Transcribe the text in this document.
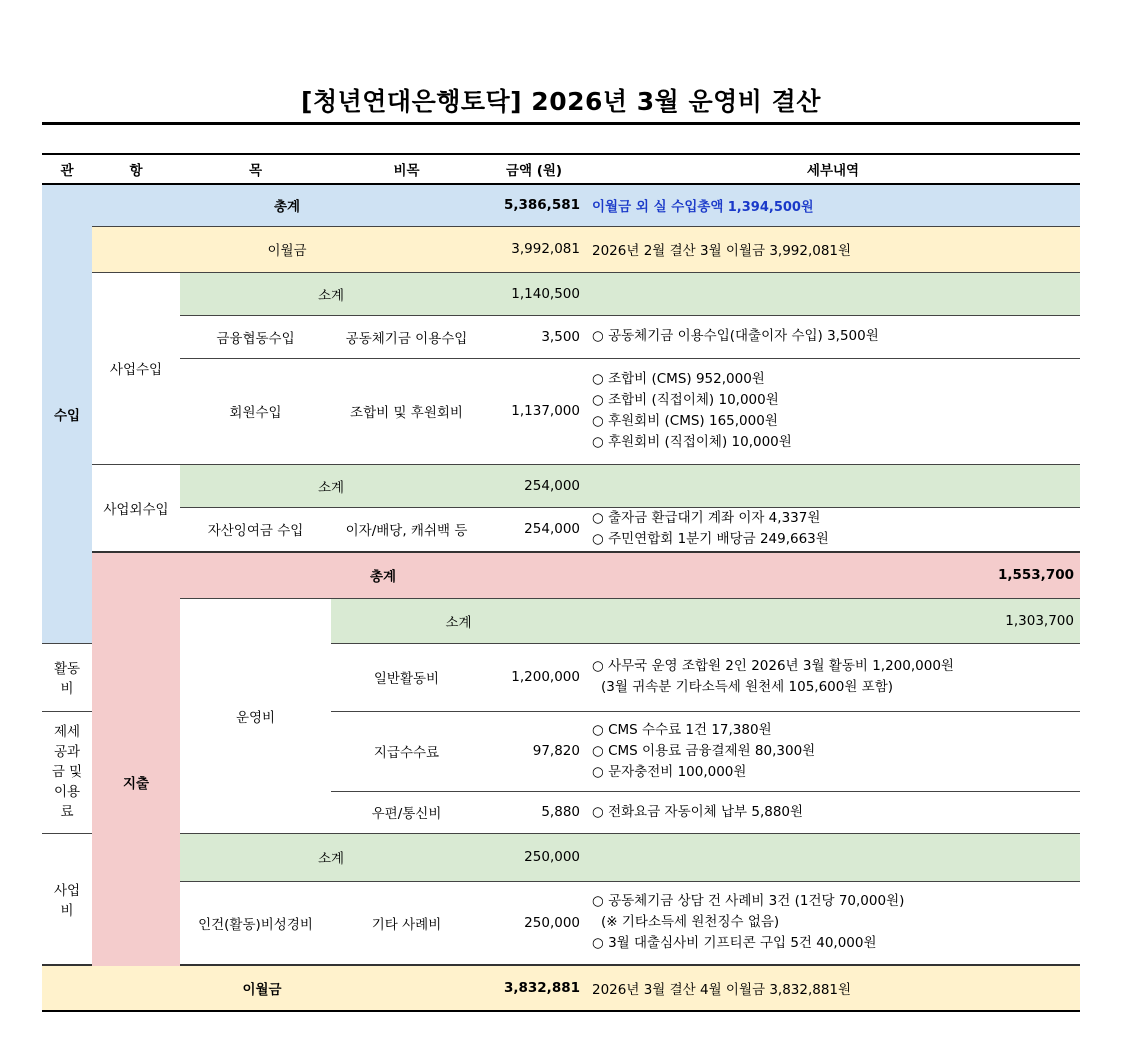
[청년연대은행토닥] 2026년 3월 운영비 결산
관	항	목	비목	금액 (원)	세부내역	
수입	총계			5,386,581	이월금 외 실 수입총액 1,394,500원	
	이월금			3,992,081	2026년 2월 결산 3월 이월금 3,992,081원	
	사업수입	소계		1,140,500		
		금융협동수입	공동체기금 이용수입	3,500	○ 공동체기금 이용수입(대출이자 수입) 3,500원	

		회원수입	조합비 및 후원회비	1,137,000	○ 조합비 (CMS) 952,000원
○ 조합비 (직접이체) 10,000원
○ 후원회비 (CMS) 165,000원
○ 후원회비 (직접이체) 10,000원	

	사업외수입	소계		254,000		
		자산잉여금 수입	이자/배당, 캐쉬백 등	254,000	○ 출자금 환급대기 계좌 이자 4,337원
○ 주민연합회 1분기 배당금 249,663원	

	지출	총계			1,553,700	
		운영비	소계		1,303,700	
활동비			일반활동비	1,200,000	○ 사무국 운영 조합원 2인 2026년 3월 활동비 1,200,000원
(3월 귀속분 기타소득세 원천세 105,600원 포함)	

제세공과금 및 이용료			지급수수료	97,820	○ CMS 수수료 1건 17,380원
○ CMS 이용료 금융결제원 80,300원
○ 문자충전비 100,000원	

			우편/통신비	5,880	○ 전화요금 자동이체 납부 5,880원	

사업비		소계		250,000		
		인건(활동)비성경비	기타 사례비	250,000	○ 공동체기금 상담 건 사례비 3건 (1건당 70,000원)
(※ 기타소득세 원천징수 없음)
○ 3월 대출심사비 기프티콘 구입 5건 40,000원	

이월금				3,832,881	2026년 3월 결산 4월 이월금 3,832,881원	
